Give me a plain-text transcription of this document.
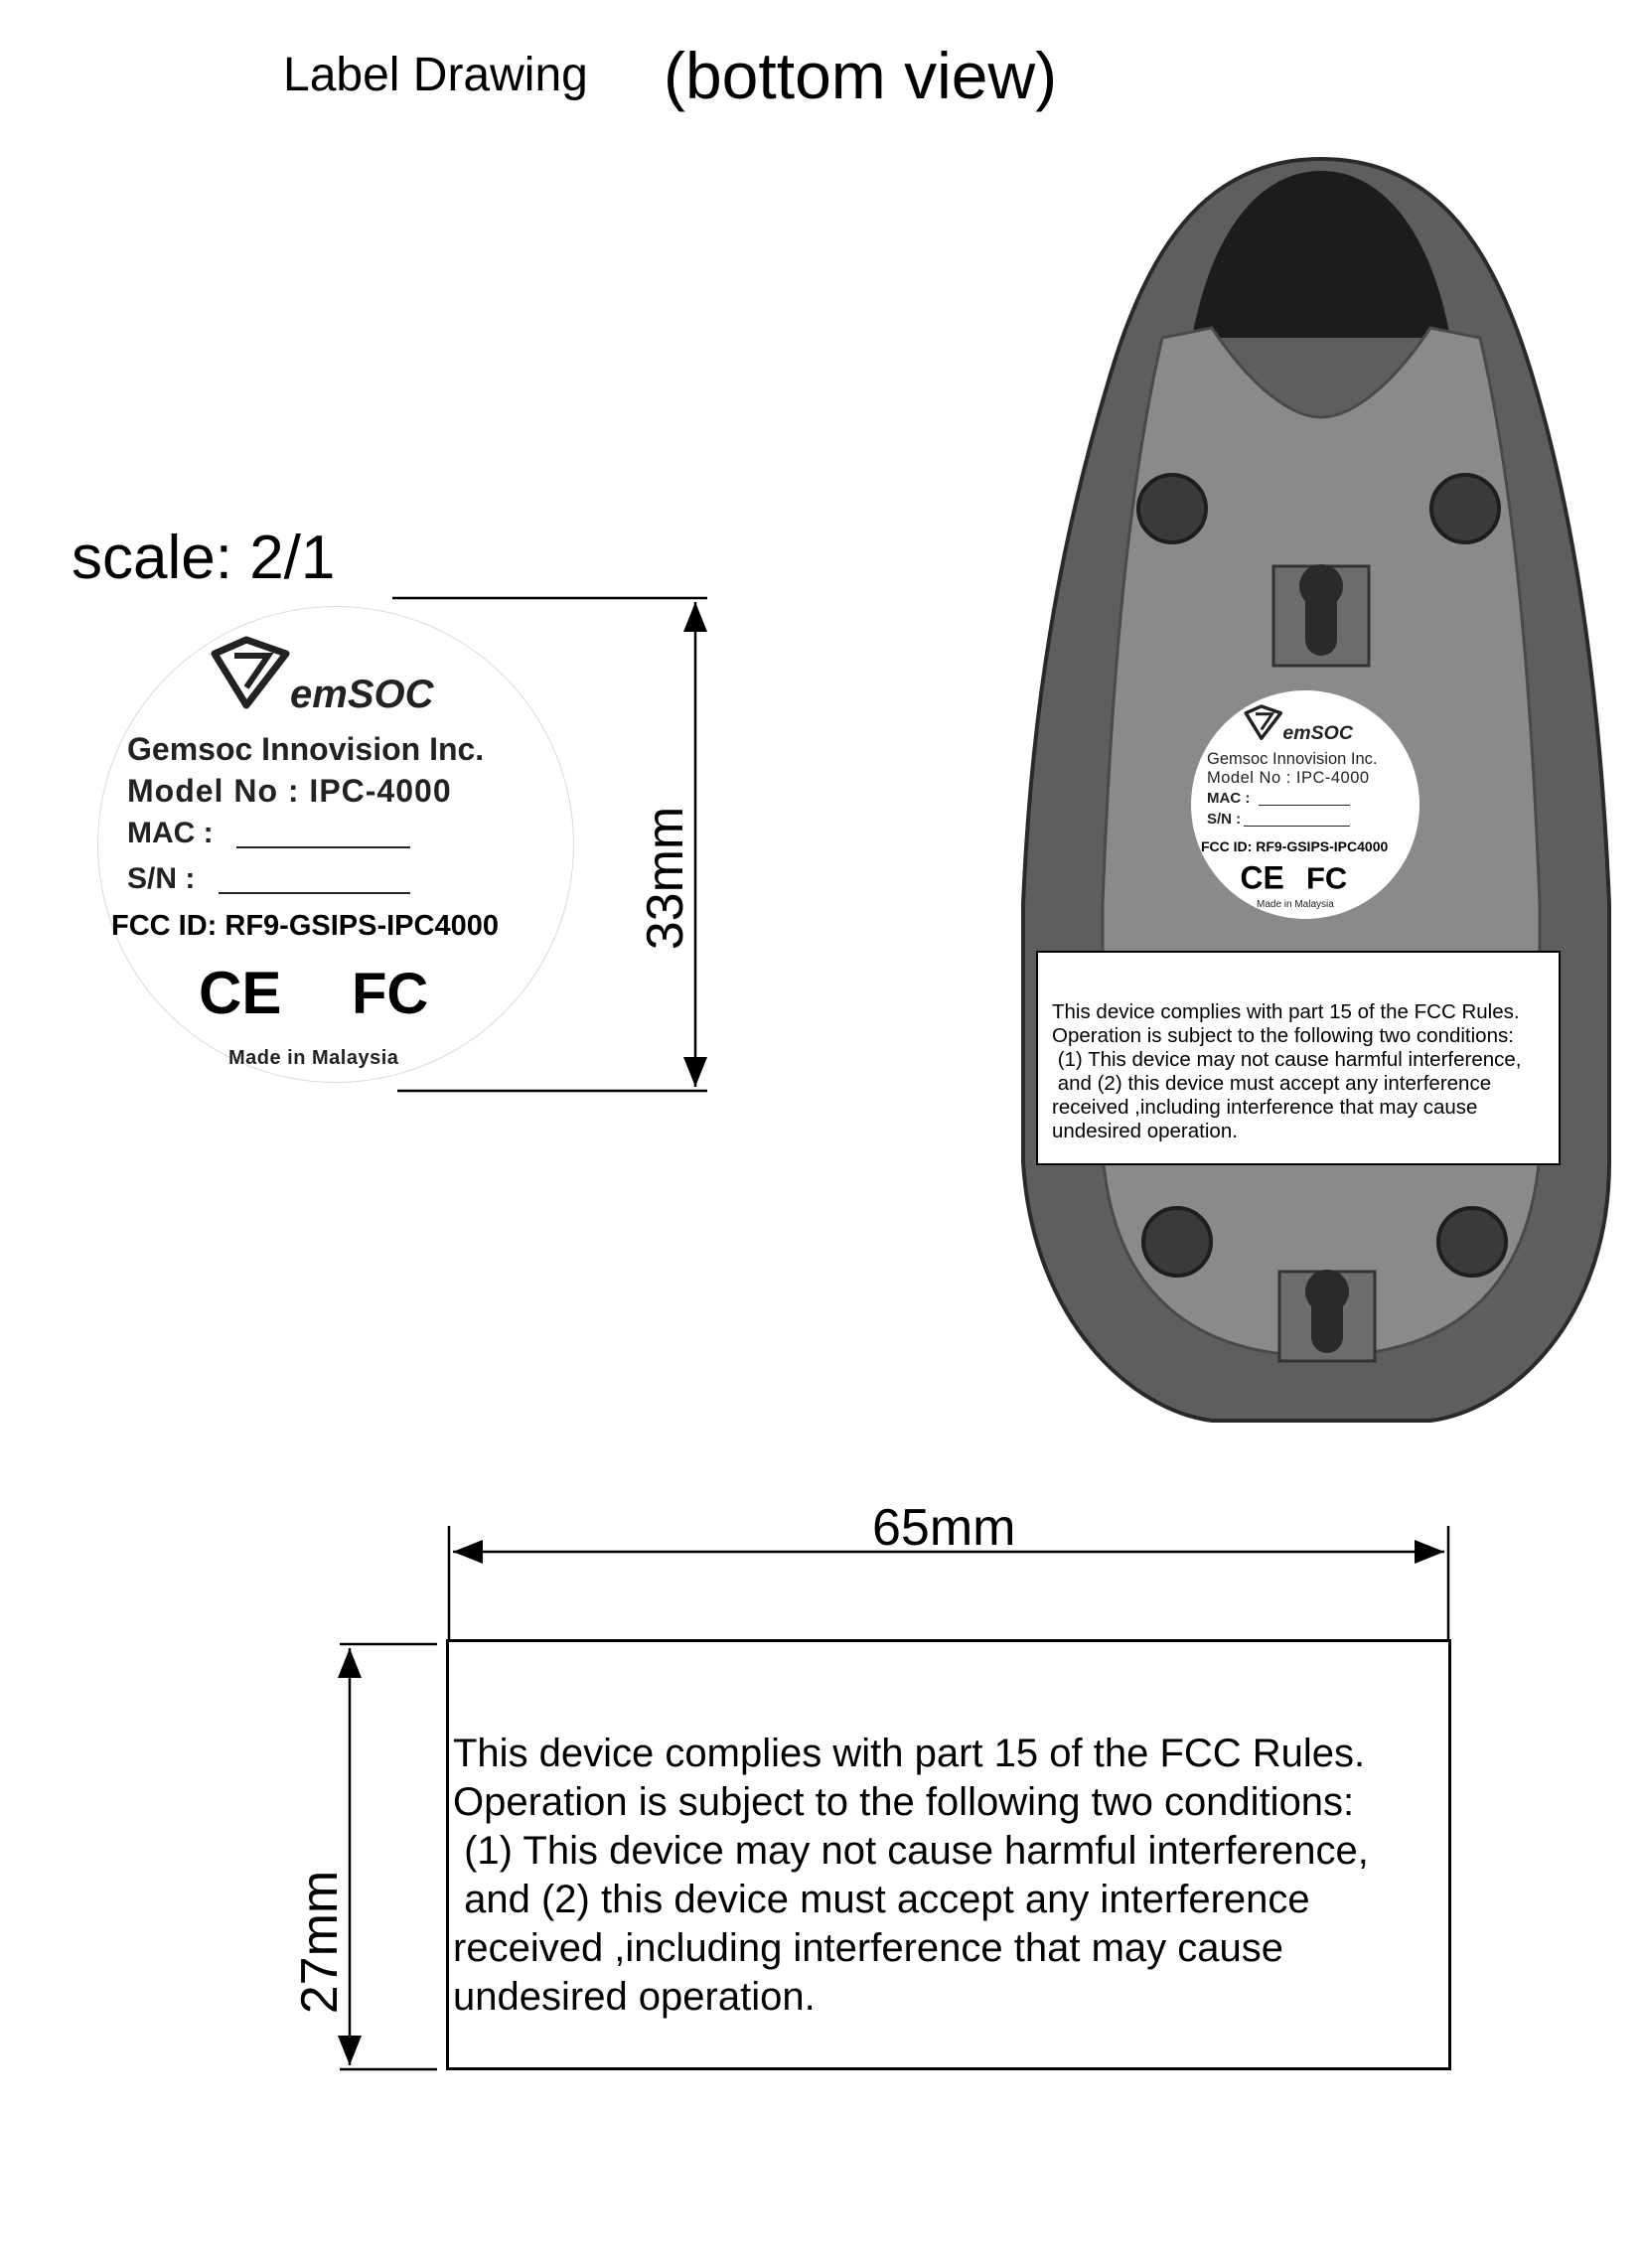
Label Drawing (bottom view)
scale: 2/1
33mm
65mm
27mm
emSOC
Gemsoc Innovision Inc.
Model No : IPC-4000
MAC :
S/N :
FCC ID: RF9-GSIPS-IPC4000
CE FC
Made in Malaysia
emSOC
Gemsoc Innovision Inc.
Model No : IPC-4000
MAC :
S/N :
FCC ID: RF9-GSIPS-IPC4000
CE FC
Made in Malaysia
This device complies with part 15 of the FCC Rules.
Operation is subject to the following two conditions:
(1) This device may not cause harmful interference,
and (2) this device must accept any interference
received ,including interference that may cause
undesired operation.
This device complies with part 15 of the FCC Rules.
Operation is subject to the following two conditions:
(1) This device may not cause harmful interference,
and (2) this device must accept any interference
received ,including interference that may cause
undesired operation.
